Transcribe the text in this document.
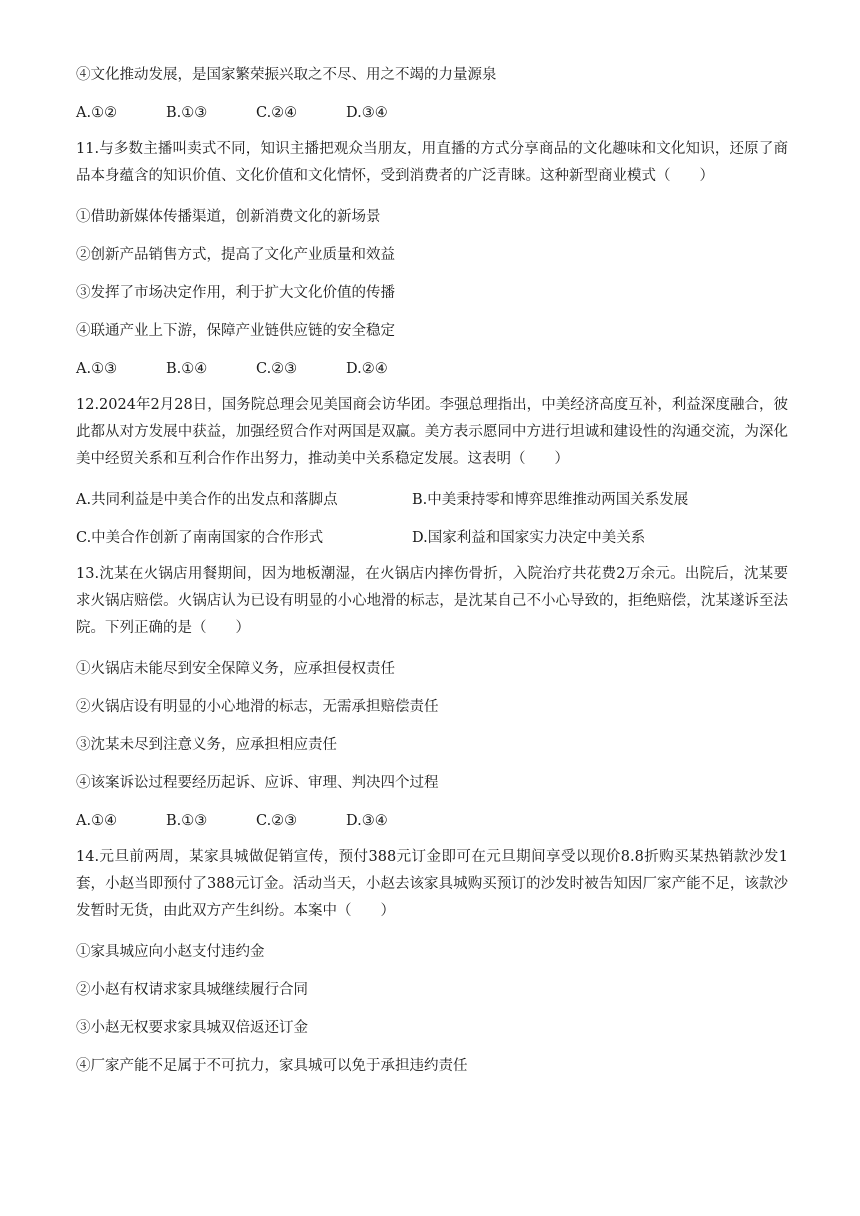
④文化推动发展，是国家繁荣振兴取之不尽、用之不竭的力量源泉
A.①②	B.①③	C.②④	D.③④
11.与多数主播叫卖式不同，知识主播把观众当朋友，用直播的方式分享商品的文化趣味和文化知识，还原了商品本身蕴含的知识价值、文化价值和文化情怀，受到消费者的广泛青睐。这种新型商业模式（　　）
①借助新媒体传播渠道，创新消费文化的新场景
②创新产品销售方式，提高了文化产业质量和效益
③发挥了市场决定作用，利于扩大文化价值的传播
④联通产业上下游，保障产业链供应链的安全稳定
A.①③	B.①④	C.②③	D.②④
12.2024年2月28日，国务院总理会见美国商会访华团。李强总理指出，中美经济高度互补，利益深度融合，彼此都从对方发展中获益，加强经贸合作对两国是双赢。美方表示愿同中方进行坦诚和建设性的沟通交流，为深化美中经贸关系和互利合作作出努力，推动美中关系稳定发展。这表明（　　）
A.共同利益是中美合作的出发点和落脚点	B.中美秉持零和博弈思维推动两国关系发展
C.中美合作创新了南南国家的合作形式	D.国家利益和国家实力决定中美关系
13.沈某在火锅店用餐期间，因为地板潮湿，在火锅店内摔伤骨折，入院治疗共花费2万余元。出院后，沈某要求火锅店赔偿。火锅店认为已设有明显的小心地滑的标志，是沈某自己不小心导致的，拒绝赔偿，沈某遂诉至法院。下列正确的是（　　）
①火锅店未能尽到安全保障义务，应承担侵权责任
②火锅店设有明显的小心地滑的标志，无需承担赔偿责任
③沈某未尽到注意义务，应承担相应责任
④该案诉讼过程要经历起诉、应诉、审理、判决四个过程
A.①④	B.①③	C.②③	D.③④
14.元旦前两周，某家具城做促销宣传，预付388元订金即可在元旦期间享受以现价8.8折购买某热销款沙发1套，小赵当即预付了388元订金。活动当天，小赵去该家具城购买预订的沙发时被告知因厂家产能不足，该款沙发暂时无货，由此双方产生纠纷。本案中（　　）
①家具城应向小赵支付违约金
②小赵有权请求家具城继续履行合同
③小赵无权要求家具城双倍返还订金
④厂家产能不足属于不可抗力，家具城可以免于承担违约责任
